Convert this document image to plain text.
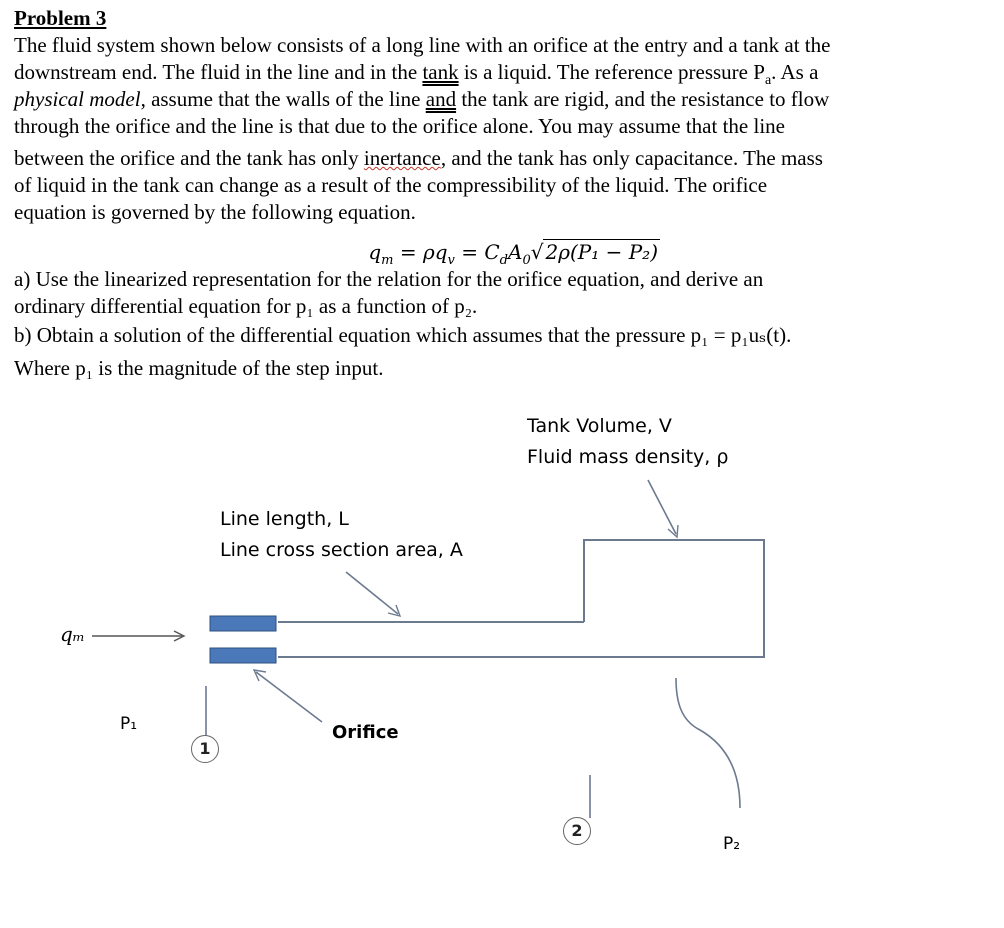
Problem 3

The fluid system shown below consists of a long line with an orifice at the entry and a tank at the

downstream end. The fluid in the line and in the tank is a liquid. The reference pressure $P_a$. As a

physical model, assume that the walls of the line and the tank are rigid, and the resistance to flow

through the orifice and the line is that due to the orifice alone. You may assume that the line

between the orifice and the tank has only inertance, and the tank has only capacitance. The mass

of liquid in the tank can change as a result of the compressibility of the liquid. The orifice

equation is governed by the following equation.

$q_m = \rho q_v = C_dA_0√$ 2ρ(P₁ − P₂)

a) Use the linearized representation for the relation for the orifice equation, and derive an

ordinary differential equation for p₁ as a function of p₂.

b) Obtain a solution of the differential equation which assumes that the pressure p₁ = p₁uₛ(t).

Where p₁ is the magnitude of the step input.

Tank Volume, V
Fluid mass density, ρ
Line length, L
Line cross section area, A
qₘ
P₁	Orifice
P₂
1
2
